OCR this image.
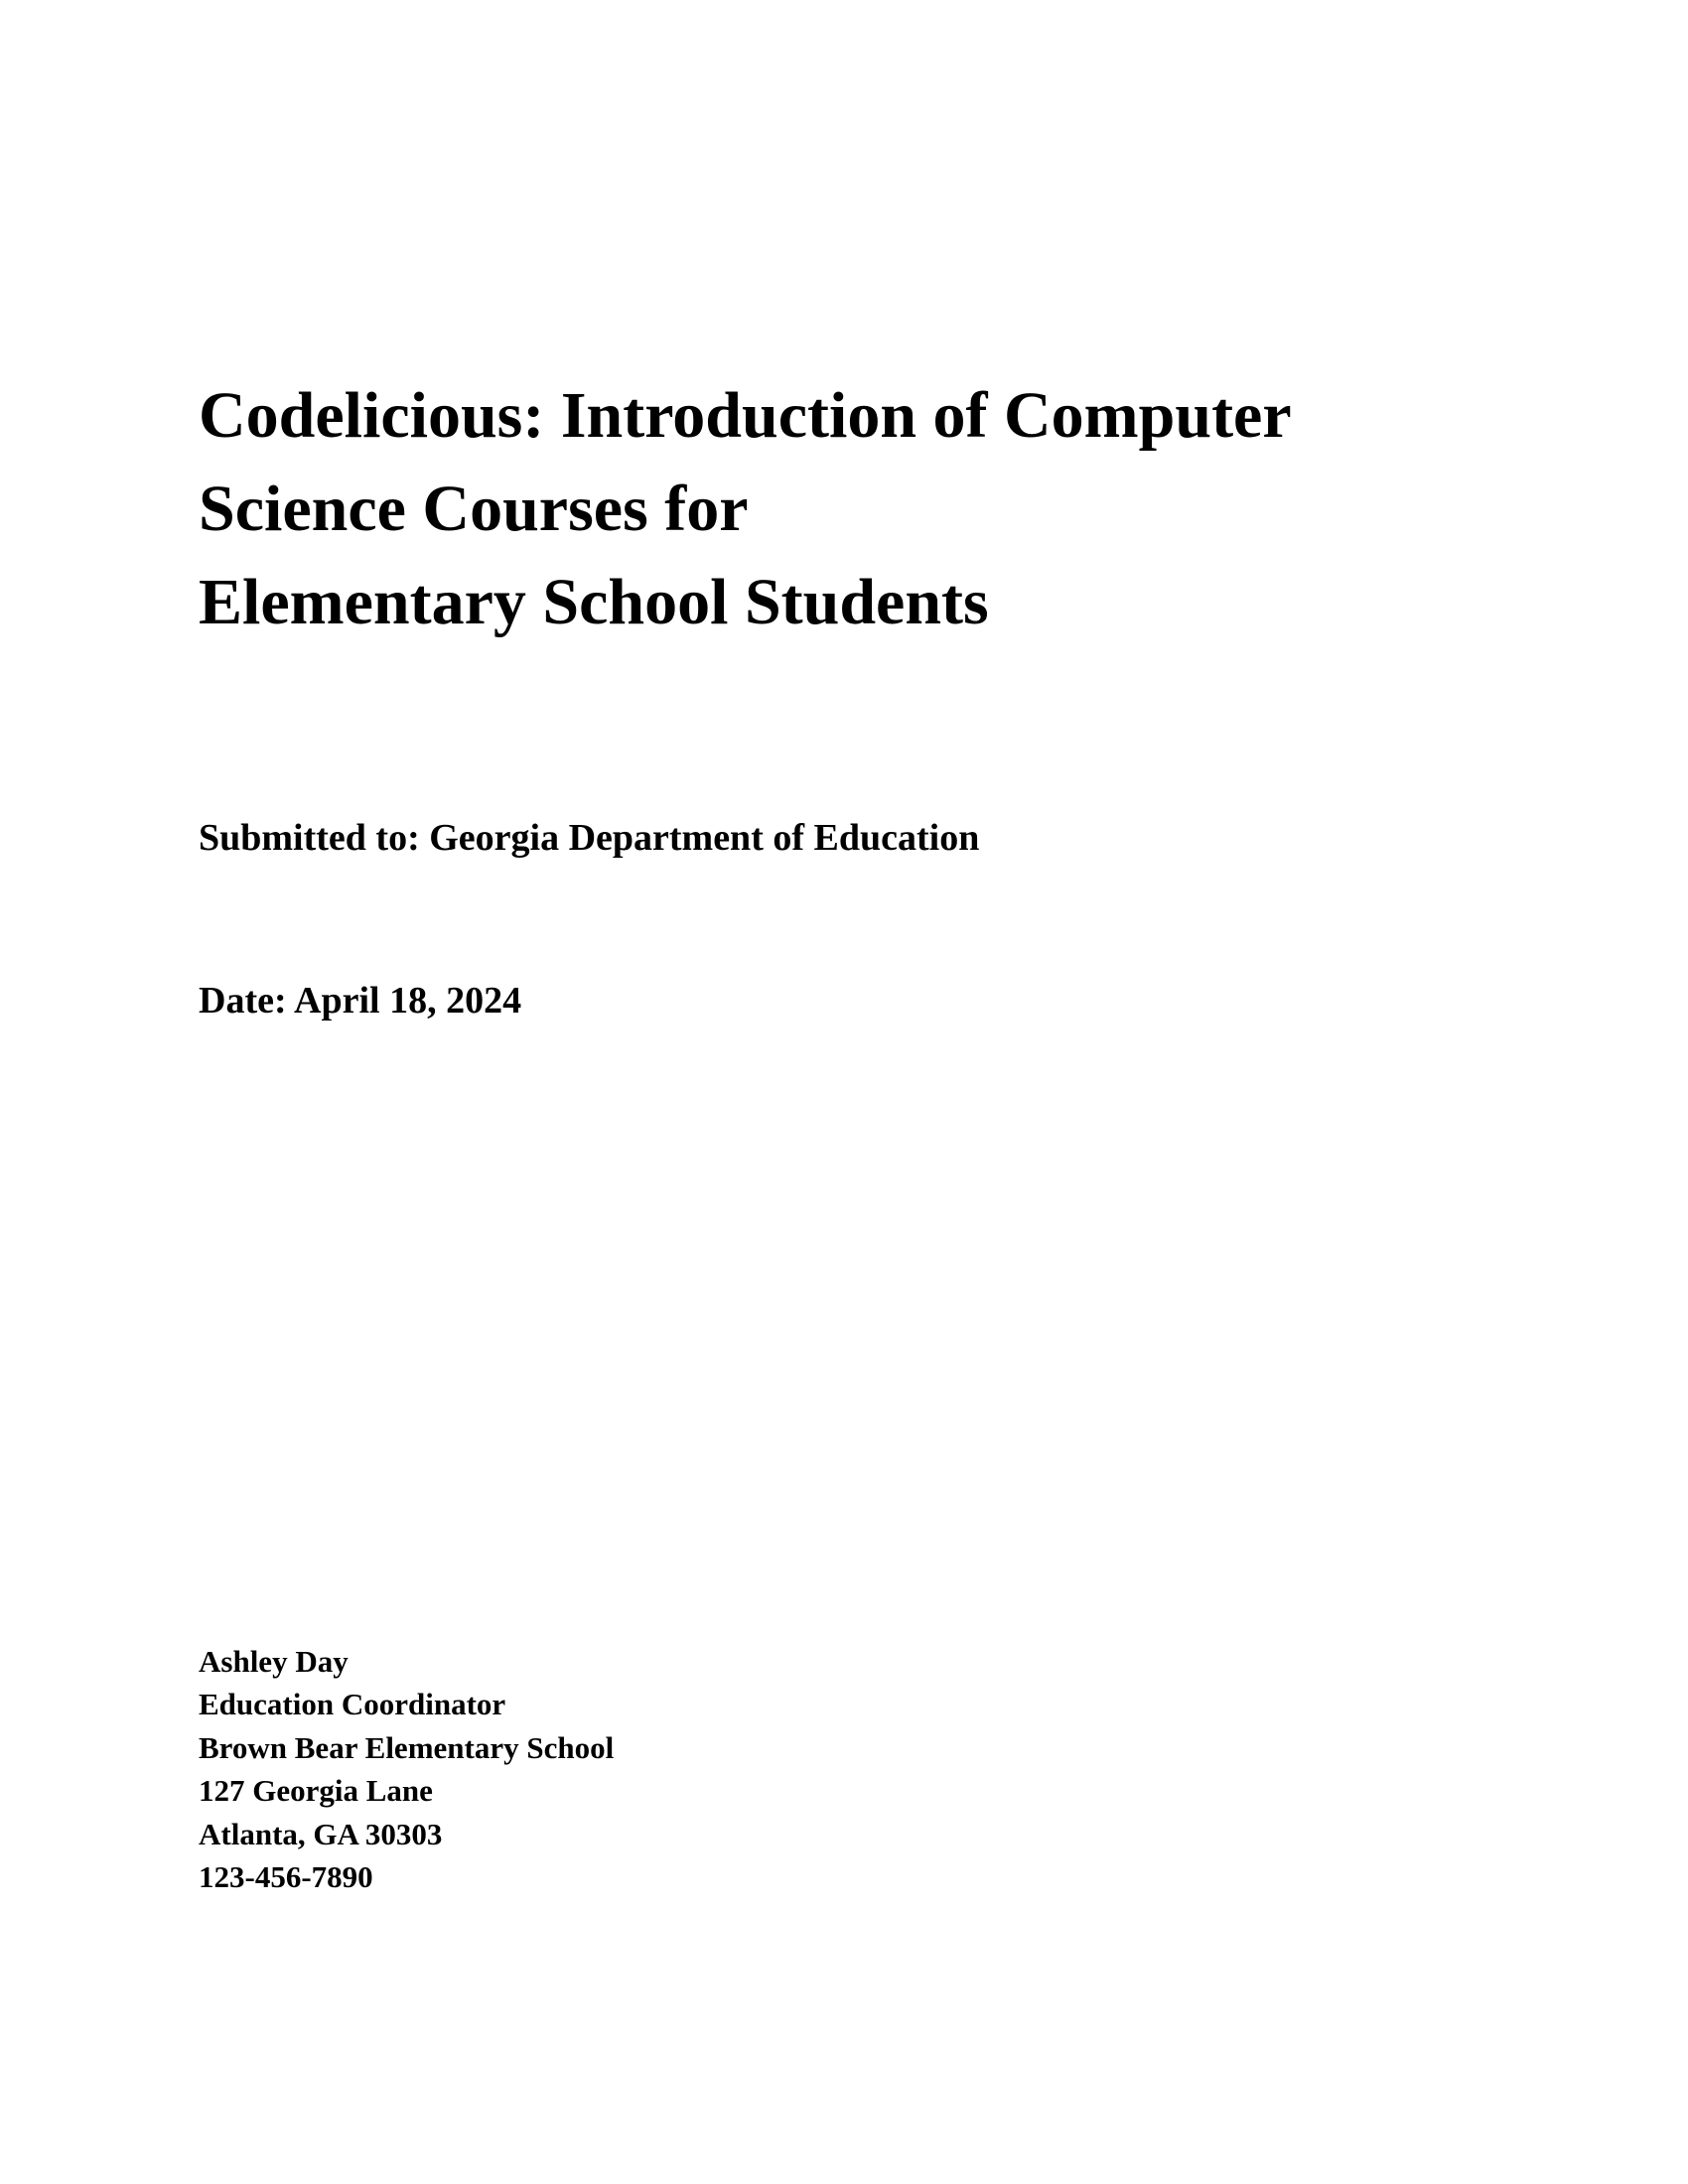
Codelicious: Introduction of Computer
Science Courses for
Elementary School Students
Submitted to: Georgia Department of Education
Date: April 18, 2024
Ashley Day
Education Coordinator
Brown Bear Elementary School
127 Georgia Lane
Atlanta, GA 30303
123-456-7890
